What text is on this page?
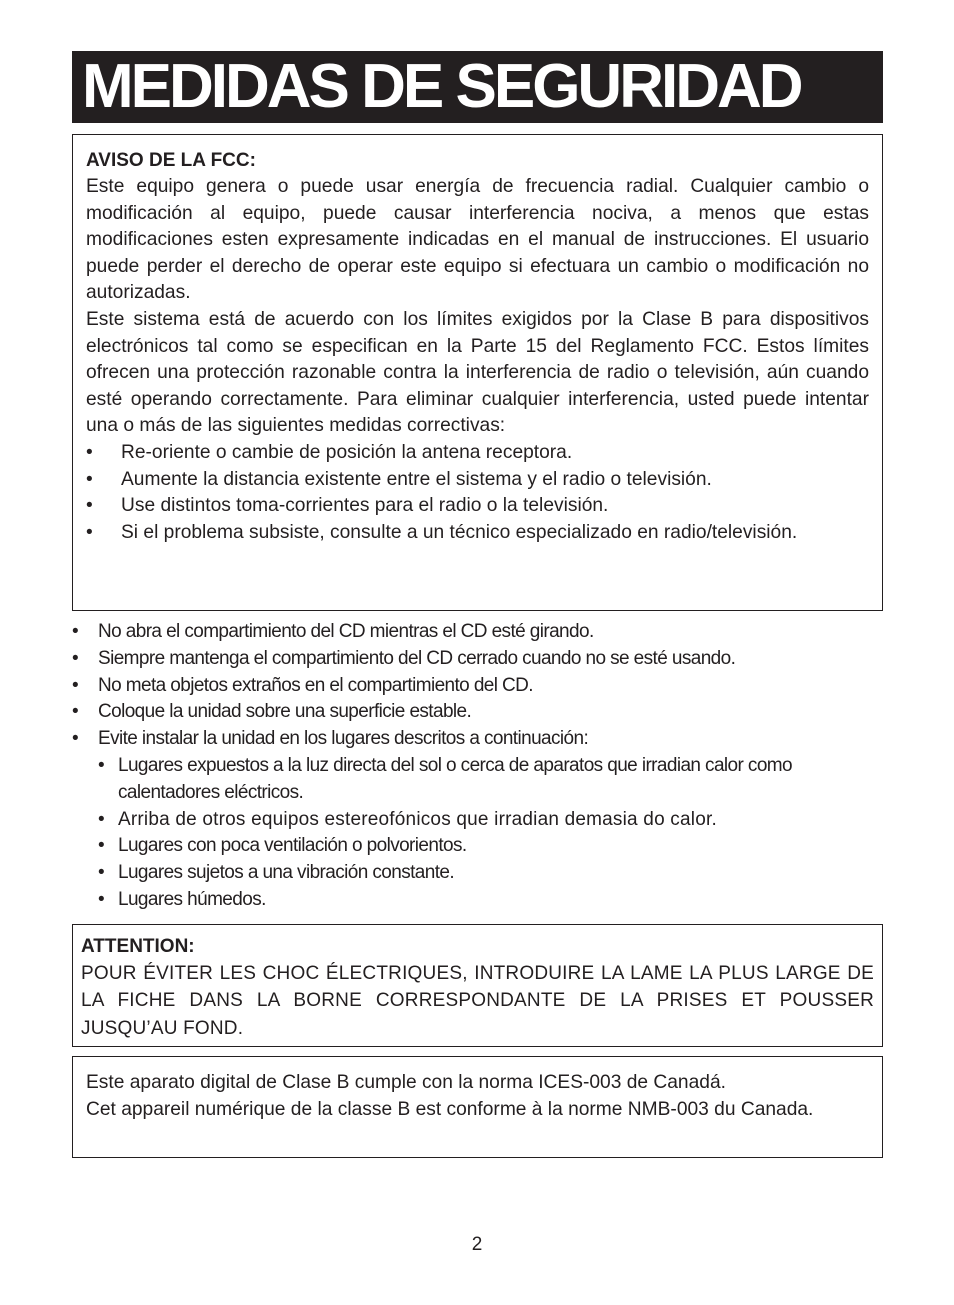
MEDIDAS DE SEGURIDAD

AVISO DE LA FCC:

Este equipo genera o puede usar energía de frecuencia radial. Cualquier cambio o modificación al equipo, puede causar interferencia nociva, a menos que estas modificaciones esten expresamente indicadas en el manual de instrucciones. El usuario puede perder el derecho de operar este equipo si efectuara un cambio o modificación no autorizadas.

Este sistema está de acuerdo con los límites exigidos por la Clase B para dispositivos electrónicos tal como se especifican en la Parte 15 del Reglamento FCC. Estos límites ofrecen una protección razonable contra la interferencia de radio o televisión, aún cuando esté operando correctamente. Para eliminar cualquier interferencia, usted puede intentar una o más de las siguientes medidas correctivas:

•	Re-oriente o cambie de posición la antena receptora.
•	Aumente la distancia existente entre el sistema y el radio o televisión.
•	Use distintos toma-corrientes para el radio o la televisión.
•	Si el problema subsiste, consulte a un técnico especializado en radio/televisión.
• No abra el compartimiento del CD mientras el CD esté girando.
• Siempre mantenga el compartimiento del CD cerrado cuando no se esté usando.
• No meta objetos extraños en el compartimiento del CD.
• Coloque la unidad sobre una superficie estable.
• Evite instalar la unidad en los lugares descritos a continuación:
• Lugares expuestos a la luz directa del sol o cerca de aparatos que irradian calor como calentadores eléctricos.
• Arriba de otros equipos estereofónicos que irradian demasia do calor.
• Lugares con poca ventilación o polvorientos.
• Lugares sujetos a una vibración constante.
• Lugares húmedos.

ATTENTION:

POUR ÉVITER LES CHOC ÉLECTRIQUES, INTRODUIRE LA LAME LA PLUS LARGE DE LA FICHE DANS LA BORNE CORRESPONDANTE DE LA PRISES ET POUSSER JUSQU’AU FOND.

Este aparato digital de Clase B cumple con la norma ICES-003 de Canadá.

Cet appareil numérique de la classe B est conforme à la norme NMB-003 du Canada.

2
